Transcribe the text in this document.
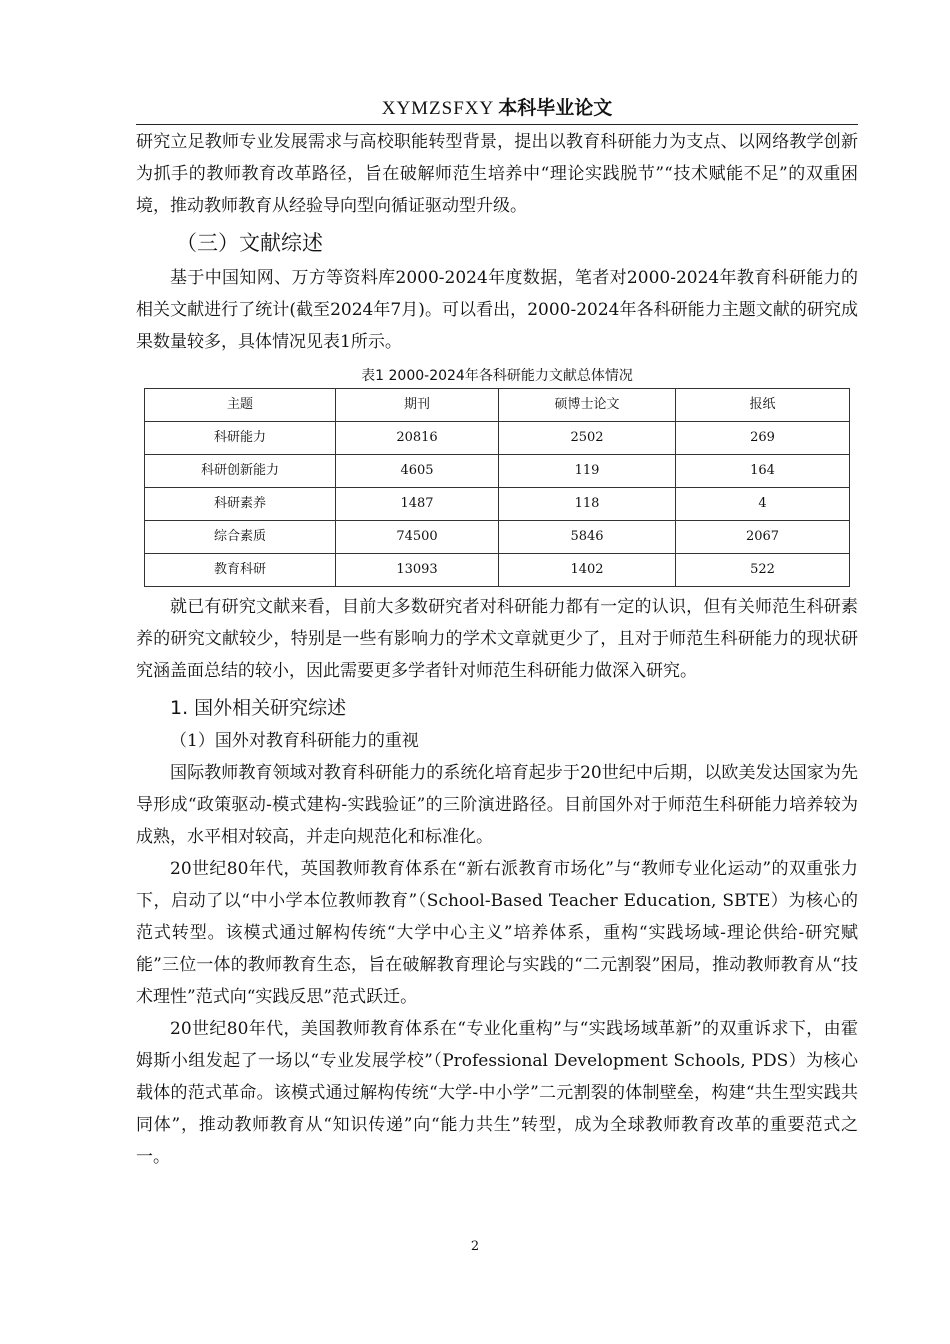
XYMZSFXY 本科毕业论文

研究立足教师专业发展需求与高校职能转型背景，提出以教育科研能力为支点、以网络教学创新为抓手的教师教育改革路径，旨在破解师范生培养中“理论实践脱节”“技术赋能不足”的双重困境，推动教师教育从经验导向型向循证驱动型升级。

（三）文献综述

基于中国知网、万方等资料库2000-2024年度数据，笔者对2000-2024年教育科研能力的相关文献进行了统计(截至2024年7月)。可以看出，2000-2024年各科研能力主题文献的研究成果数量较多，具体情况见表1所示。

表1 2000-2024年各科研能力文献总体情况
主题	期刊	硕博士论文	报纸
科研能力	20816	2502	269
科研创新能力	4605	119	164
科研素养	1487	118	4
综合素质	74500	5846	2067
教育科研	13093	1402	522

就已有研究文献来看，目前大多数研究者对科研能力都有一定的认识，但有关师范生科研素养的研究文献较少，特别是一些有影响力的学术文章就更少了，且对于师范生科研能力的现状研究涵盖面总结的较小，因此需要更多学者针对师范生科研能力做深入研究。

1. 国外相关研究综述

（1）国外对教育科研能力的重视

国际教师教育领域对教育科研能力的系统化培育起步于20世纪中后期，以欧美发达国家为先导形成“政策驱动-模式建构-实践验证”的三阶演进路径。目前国外对于师范生科研能力培养较为成熟，水平相对较高，并走向规范化和标准化。

20世纪80年代，英国教师教育体系在“新右派教育市场化”与“教师专业化运动”的双重张力下，启动了以“中小学本位教师教育”（School-Based Teacher Education, SBTE）为核心的范式转型。该模式通过解构传统“大学中心主义”培养体系，重构“实践场域-理论供给-研究赋能”三位一体的教师教育生态，旨在破解教育理论与实践的“二元割裂”困局，推动教师教育从“技术理性”范式向“实践反思”范式跃迁。

20世纪80年代，美国教师教育体系在“专业化重构”与“实践场域革新”的双重诉求下，由霍姆斯小组发起了一场以“专业发展学校”（Professional Development Schools, PDS）为核心载体的范式革命。该模式通过解构传统“大学-中小学”二元割裂的体制壁垒，构建“共生型实践共同体”，推动教师教育从“知识传递”向“能力共生”转型，成为全球教师教育改革的重要范式之一。

2
